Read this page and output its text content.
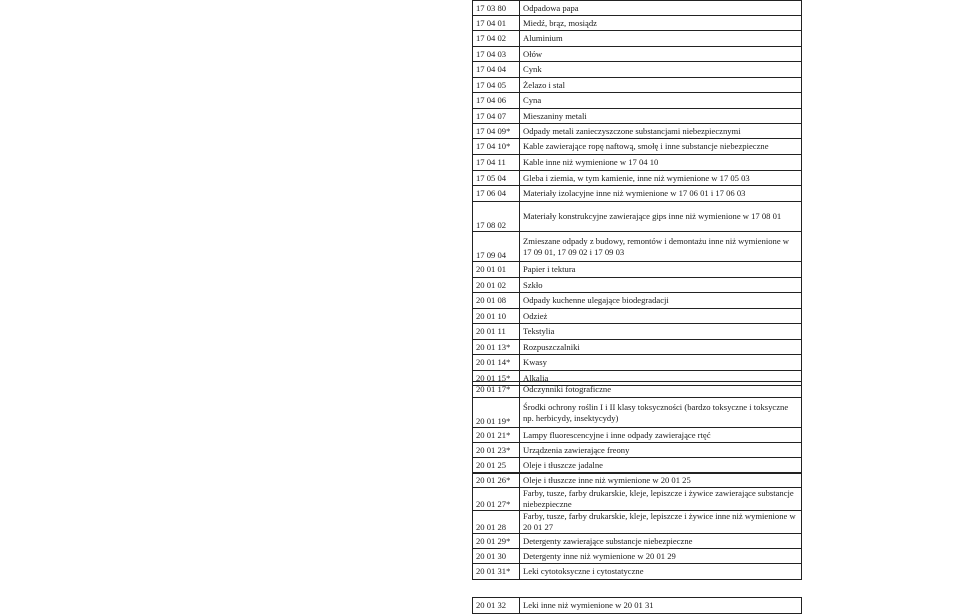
17 03 80	Odpadowa papa
17 04 01	Miedź, brąz, mosiądz
17 04 02	Aluminium
17 04 03	Ołów
17 04 04	Cynk
17 04 05	Żelazo i stal
17 04 06	Cyna
17 04 07	Mieszaniny metali
17 04 09*	Odpady metali zanieczyszczone substancjami niebezpiecznymi
17 04 10*	Kable zawierające ropę naftową, smołę i inne substancje niebezpieczne
17 04 11	Kable inne niż wymienione w 17 04 10
17 05 04	Gleba i ziemia, w tym kamienie, inne niż wymienione w 17 05 03
17 06 04	Materiały izolacyjne inne niż wymienione w 17 06 01 i 17 06 03
17 08 02	Materiały konstrukcyjne zawierające gips inne niż wymienione w 17 08 01
17 09 04	Zmieszane odpady z budowy, remontów i demontażu inne niż wymienione w 17 09 01, 17 09 02 i 17 09 03
20 01 01	Papier i tektura
20 01 02	Szkło
20 01 08	Odpady kuchenne ulegające biodegradacji
20 01 10	Odzież
20 01 11	Tekstylia
20 01 13*	Rozpuszczalniki
20 01 14*	Kwasy
20 01 15*	Alkalia
20 01 17*	Odczynniki fotograficzne
20 01 19*	Środki ochrony roślin I i II klasy toksyczności (bardzo toksyczne i toksyczne np. herbicydy, insektycydy)
20 01 21*	Lampy fluorescencyjne i inne odpady zawierające rtęć
20 01 23*	Urządzenia zawierające freony
20 01 25	Oleje i tłuszcze jadalne
20 01 26*	Oleje i tłuszcze inne niż wymienione w 20 01 25
20 01 27*	Farby, tusze, farby drukarskie, kleje, lepiszcze i żywice zawierające substancje niebezpieczne
20 01 28	Farby, tusze, farby drukarskie, kleje, lepiszcze i żywice inne niż wymienione w 20 01 27
20 01 29*	Detergenty zawierające substancje niebezpieczne
20 01 30	Detergenty inne niż wymienione w 20 01 29
20 01 31*	Leki cytotoksyczne i cytostatyczne
20 01 32	Leki inne niż wymienione w 20 01 31
